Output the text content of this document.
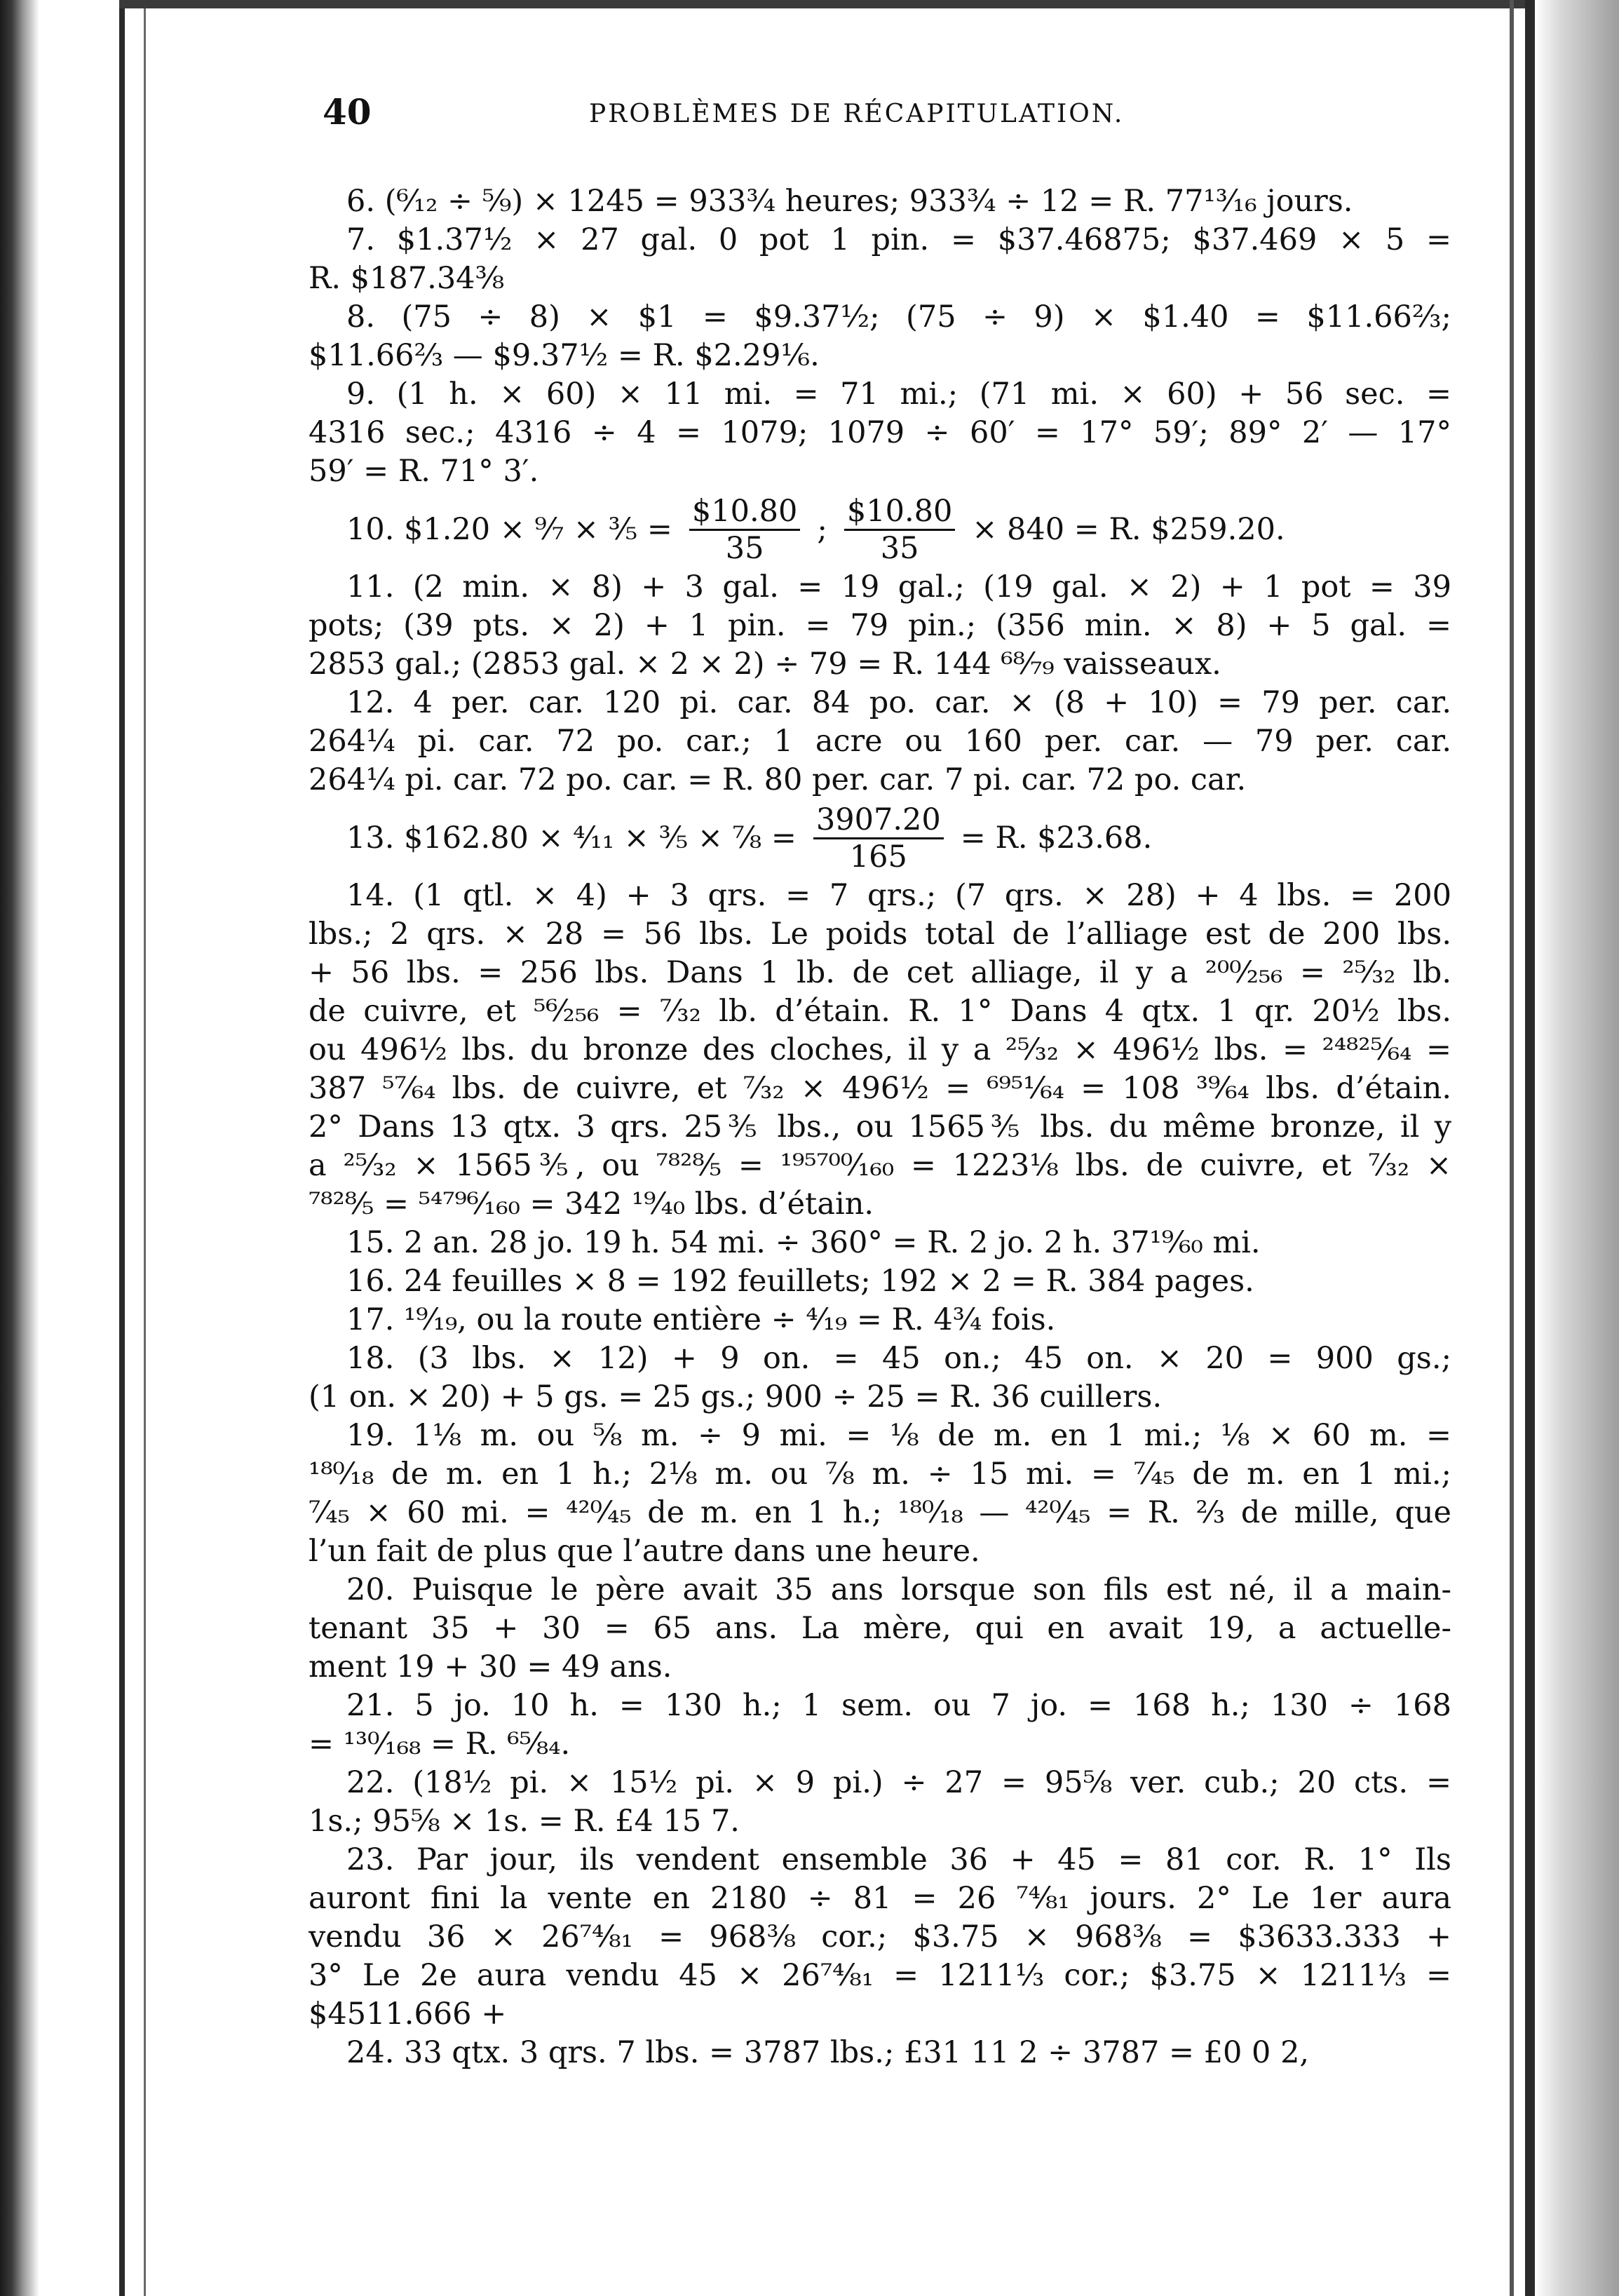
40	PROBLÈMES DE RÉCAPITULATION.
6. (⁶⁄₁₂ ÷ ⁵⁄₉) × 1245 = 933¾ heures; 933¾ ÷ 12 = R. 77¹³⁄₁₆ jours.
7. $1.37½ × 27 gal. 0 pot 1 pin. = $37.46875; $37.469 × 5 =
R. $187.34⅜
8. (75 ÷ 8) × $1 = $9.37½; (75 ÷ 9) × $1.40 = $11.66⅔;
$11.66⅔ — $9.37½ = R. $2.29⅙.
9. (1 h. × 60) × 11 mi. = 71 mi.; (71 mi. × 60) + 56 sec. =
4316 sec.; 4316 ÷ 4 = 1079; 1079 ÷ 60′ = 17° 59′; 89° 2′ — 17°
59′ = R. 71° 3′.
10. $1.20 × ⁹⁄₇ × ⅗ = $\frac{\$10.80}{35}$ ; $\frac{\$10.80}{35} \times 840 = R$. $259.20.
11. (2 min. × 8) + 3 gal. = 19 gal.; (19 gal. × 2) + 1 pot = 39
pots; (39 pts. × 2) + 1 pin. = 79 pin.; (356 min. × 8) + 5 gal. =
2853 gal.; (2853 gal. × 2 × 2) ÷ 79 = R. 144 ⁶⁸⁄₇₉ vaisseaux.
12. 4 per. car. 120 pi. car. 84 po. car. × (8 + 10) = 79 per. car.
264¼ pi. car. 72 po. car.; 1 acre ou 160 per. car. — 79 per. car.
264¼ pi. car. 72 po. car. = R. 80 per. car. 7 pi. car. 72 po. car.
13. $162.80 × ⁴⁄₁₁ × ⅗ × ⅞ = $\frac{3907.20}{165} = R$. $23.68.
14. (1 qtl. × 4) + 3 qrs. = 7 qrs.; (7 qrs. × 28) + 4 lbs. = 200
lbs.; 2 qrs. × 28 = 56 lbs. Le poids total de l’alliage est de 200 lbs.
+ 56 lbs. = 256 lbs. Dans 1 lb. de cet alliage, il y a ²⁰⁰⁄₂₅₆ = ²⁵⁄₃₂ lb.
de cuivre, et ⁵⁶⁄₂₅₆ = ⁷⁄₃₂ lb. d’étain. R. 1° Dans 4 qtx. 1 qr. 20½ lbs.
ou 496½ lbs. du bronze des cloches, il y a ²⁵⁄₃₂ × 496½ lbs. = ²⁴⁸²⁵⁄₆₄ =
387 ⁵⁷⁄₆₄ lbs. de cuivre, et ⁷⁄₃₂ × 496½ = ⁶⁹⁵¹⁄₆₄ = 108 ³⁹⁄₆₄ lbs. d’étain.
2° Dans 13 qtx. 3 qrs. 25⅗ lbs., ou 1565⅗ lbs. du même bronze, il y
a ²⁵⁄₃₂ × 1565⅗, ou ⁷⁸²⁸⁄₅ = ¹⁹⁵⁷⁰⁰⁄₁₆₀ = 1223⅛ lbs. de cuivre, et ⁷⁄₃₂ ×
⁷⁸²⁸⁄₅ = ⁵⁴⁷⁹⁶⁄₁₆₀ = 342 ¹⁹⁄₄₀ lbs. d’étain.
15. 2 an. 28 jo. 19 h. 54 mi. ÷ 360° = R. 2 jo. 2 h. 37¹⁹⁄₆₀ mi.
16. 24 feuilles × 8 = 192 feuillets; 192 × 2 = R. 384 pages.
17. ¹⁹⁄₁₉, ou la route entière ÷ ⁴⁄₁₉ = R. 4¾ fois.
18. (3 lbs. × 12) + 9 on. = 45 on.; 45 on. × 20 = 900 gs.;
(1 on. × 20) + 5 gs. = 25 gs.; 900 ÷ 25 = R. 36 cuillers.
19. 1⅛ m. ou ⅝ m. ÷ 9 mi. = ⅛ de m. en 1 mi.; ⅛ × 60 m. =
¹⁸⁰⁄₁₈ de m. en 1 h.; 2⅛ m. ou ⅞ m. ÷ 15 mi. = ⁷⁄₄₅ de m. en 1 mi.;
⁷⁄₄₅ × 60 mi. = ⁴²⁰⁄₄₅ de m. en 1 h.; ¹⁸⁰⁄₁₈ — ⁴²⁰⁄₄₅ = R. ⅔ de mille, que
l’un fait de plus que l’autre dans une heure.
20. Puisque le père avait 35 ans lorsque son fils est né, il a main-
tenant 35 + 30 = 65 ans. La mère, qui en avait 19, a actuelle-
ment 19 + 30 = 49 ans.
21. 5 jo. 10 h. = 130 h.; 1 sem. ou 7 jo. = 168 h.; 130 ÷ 168
= ¹³⁰⁄₁₆₈ = R. ⁶⁵⁄₈₄.
22. (18½ pi. × 15½ pi. × 9 pi.) ÷ 27 = 95⅝ ver. cub.; 20 cts. =
1s.; 95⅝ × 1s. = R. £4 15 7.
23. Par jour, ils vendent ensemble 36 + 45 = 81 cor. R. 1° Ils
auront fini la vente en 2180 ÷ 81 = 26 ⁷⁴⁄₈₁ jours. 2° Le 1er aura
vendu 36 × 26⁷⁴⁄₈₁ = 968⅜ cor.; $3.75 × 968⅜ = $3633.333 +
3° Le 2e aura vendu 45 × 26⁷⁴⁄₈₁ = 1211⅓ cor.; $3.75 × 1211⅓ =
$4511.666 +
24. 33 qtx. 3 qrs. 7 lbs. = 3787 lbs.; £31 11 2 ÷ 3787 = £0 0 2,
